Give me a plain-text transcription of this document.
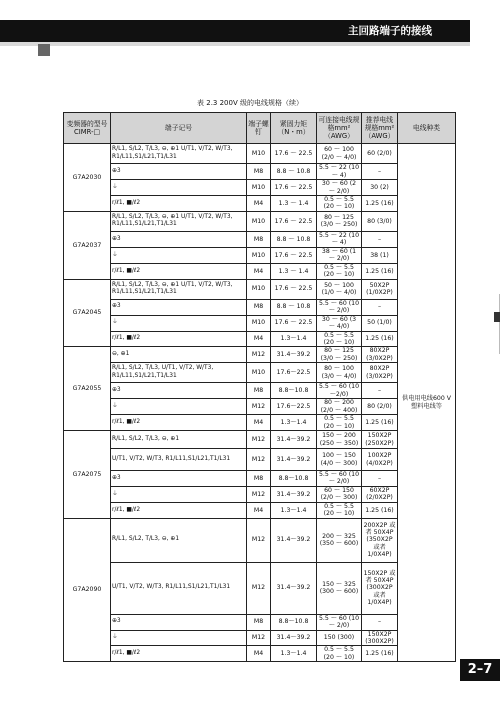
主回路端子的接线
表 2.3 200V 级的电线规格（续）
变频器的型号CIMR-□	端子记号	端子螺钉	紧固力矩（N・m）	可连接电线规格mm²（AWG）	推荐电线规格mm²（AWG）	电线种类
G7A2030	R/L1, S/L2, T/L3, ⊖, ⊕1 U/T1, V/T2, W/T3, R1/L11,S1/L21,T1/L31	M10	17.6 ～ 22.5	60 ～ 100 (2/0 ～ 4/0)	60 (2/0)	供电用电线600 V塑料电线等
	⊕3	M8	8.8 ～ 10.8	5.5 ～ 22 (10 ～ 4)	–	
	⏚	M10	17.6 ～ 22.5	30 ～ 60 (2 ～ 2/0)	30 (2)	
	r/ℓ1, ■/ℓ2	M4	1.3 ～ 1.4	0.5 ～ 5.5 (20 ～ 10)	1.25 (16)	
G7A2037	R/L1, S/L2, T/L3, ⊖, ⊕1 U/T1, V/T2, W/T3, R1/L11,S1/L21,T1/L31	M10	17.6 ～ 22.5	80 ～ 125 (3/0 ～ 250)	80 (3/0)	
	⊕3	M8	8.8 ～ 10.8	5.5 ～ 22 (10 ～ 4)	–	
	⏚	M10	17.6 ～ 22.5	38 ～ 60 (1 ～ 2/0)	38 (1)	
	r/ℓ1, ■/ℓ2	M4	1.3 ～ 1.4	0.5 ～ 5.5 (20 ～ 10)	1.25 (16)	
G7A2045	R/L1, S/L2, T/L3, ⊖, ⊕1 U/T1, V/T2, W/T3, R1/L11,S1/L21,T1/L31	M10	17.6 ～ 22.5	50 ～ 100 (1/0 ～ 4/0)	50X2P (1/0X2P)	
	⊕3	M8	8.8 ～ 10.8	5.5 ～ 60 (10 ～ 2/0)	–	
	⏚	M10	17.6 ～ 22.5	30 ～ 60 (3 ～ 4/0)	50 (1/0)	
	r/ℓ1, ■/ℓ2	M4	1.3～1.4	0.5 ～ 5.5 (20 ～ 10)	1.25 (16)	
G7A2055	⊖, ⊕1	M12	31.4～39.2	80 ～ 125 (3/0 ～ 250)	80X2P (3/0X2P)	
	R/L1, S/L2, T/L3, U/T1, V/T2, W/T3, R1/L11,S1/L21,T1/L31	M10	17.6～22.5	80 ～ 100 (3/0 ～ 4/0)	80X2P (3/0X2P)	
	⊕3	M8	8.8～10.8	5.5 ～ 60 (10～2/0)	–	
	⏚	M12	17.6～22.5	80 ～ 200 (2/0 ～ 400)	80 (2/0)	
	r/ℓ1, ■/ℓ2	M4	1.3～1.4	0.5 ～ 5.5 (20 ～ 10)	1.25 (16)	
G7A2075	R/L1, S/L2, T/L3, ⊖, ⊕1	M12	31.4～39.2	150 ～ 200 (250 ～ 350)	150X2P (250X2P)	
	U/T1, V/T2, W/T3, R1/L11,S1/L21,T1/L31	M12	31.4～39.2	100 ～ 150 (4/0 ～ 300)	100X2P (4/0X2P)	
	⊕3	M8	8.8～10.8	5.5 ～ 60 (10 ～ 2/0)	–	
	⏚	M12	31.4～39.2	60 ～ 150 (2/0 ～ 300)	60X2P (2/0X2P)	
	r/ℓ1, ■/ℓ2	M4	1.3～1.4	0.5 ～ 5.5 (20 ～ 10)	1.25 (16)	
G7A2090	R/L1, S/L2, T/L3, ⊖, ⊕1	M12	31.4～39.2	200 ～ 325 (350 ～ 600)	200X2P 或者 50X4P (350X2P 或者 1/0X4P)	
	U/T1, V/T2, W/T3, R1/L11,S1/L21,T1/L31	M12	31.4～39.2	150 ～ 325 (300 ～ 600)	150X2P 或者 50X4P (300X2P 或者 1/0X4P)	
	⊕3	M8	8.8～10.8	5.5 ～ 60 (10 ～ 2/0)	–	
	⏚	M12	31.4～39.2	150 (300)	150X2P (300X2P)	
	r/ℓ1, ■/ℓ2	M4	1.3～1.4	0.5 ～ 5.5 (20 ～ 10)	1.25 (16)	
2–7
